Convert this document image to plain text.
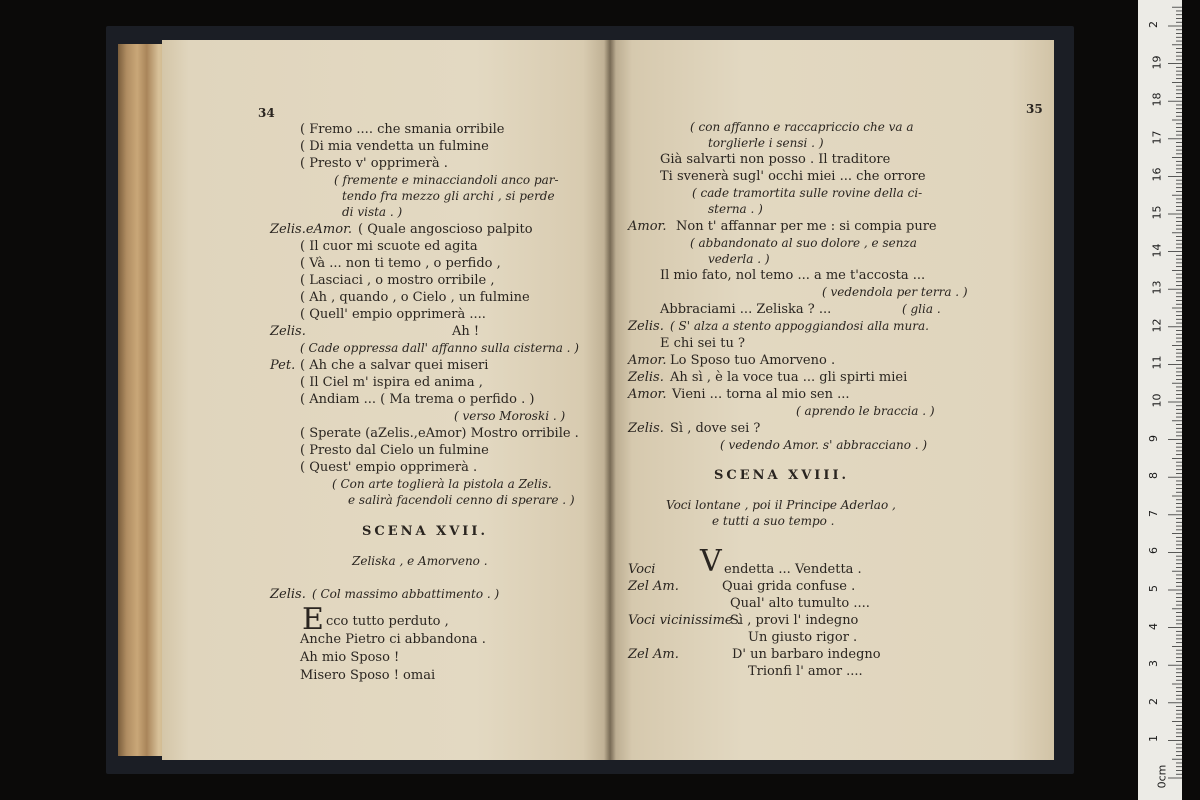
34
( Fremo .... che smania orribile
( Di mia vendetta un fulmine
( Presto v' opprimerà .
( fremente e minacciandoli anco par-
tendo fra mezzo gli archi , si perde
di vista . )
Zelis.eAmor. ( Quale angoscioso palpito
( Il cuor mi scuote ed agita
( Và ... non ti temo , o perfido ,
( Lasciaci , o mostro orribile ,
( Ah , quando , o Cielo , un fulmine
( Quell' empio opprimerà ....
Zelis.	Ah !
( Cade oppressa dall' affanno sulla cisterna . )
Pet. ( Ah che a salvar quei miseri
( Il Ciel m' ispira ed anima ,
( Andiam ... ( Ma trema o perfido . )
( verso Moroski . )
( Sperate (aZelis.,eAmor) Mostro orribile .
( Presto dal Cielo un fulmine
( Quest' empio opprimerà .
( Con arte toglierà la pistola a Zelis.
e salirà facendoli cenno di sperare . )
SCENA XVII.
Zeliska , e Amorveno .
Zelis. ( Col massimo abbattimento . )
E cco tutto perduto ,
Anche Pietro ci abbandona .
Ah mio Sposo !
Misero Sposo ! omai
35
( con affanno e raccapriccio che va a
torglierle i sensi . )
Già salvarti non posso . Il traditore
Ti svenerà sugl' occhi miei ... che orrore
( cade tramortita sulle rovine della ci-
sterna . )
Amor. Non t' affannar per me : si compia pure
( abbandonato al suo dolore , e senza
vederla . )
Il mio fato, nol temo ... a me t'accosta ...
( vedendola per terra . )
Abbraciami ... Zeliska ? ...	( glia .
Zelis. ( S' alza a stento appoggiandosi alla mura.
E chi sei tu ?
Amor. Lo Sposo tuo Amorveno .
Zelis. Ah sì , è la voce tua ... gli spirti miei
Amor. Vieni ... torna al mio sen ...
( aprendo le braccia . )
Zelis. Sì , dove sei ?
( vedendo Amor. s' abbracciano . )
SCENA XVIII.
Voci lontane , poi il Principe Aderlao ,
e tutti a suo tempo .
Voci V endetta ... Vendetta .
Zel Am.	Quai grida confuse .
Qual' alto tumulto ....
Voci vicinissime .
Sì , provi l' indegno
Un giusto rigor .
Zel Am.	D' un barbaro indegno
Trionfi l' amor ....
0cm
1
2
3
4
5
6
7
8
9
10
11
12
13
14
15
16
17
18
19
2
